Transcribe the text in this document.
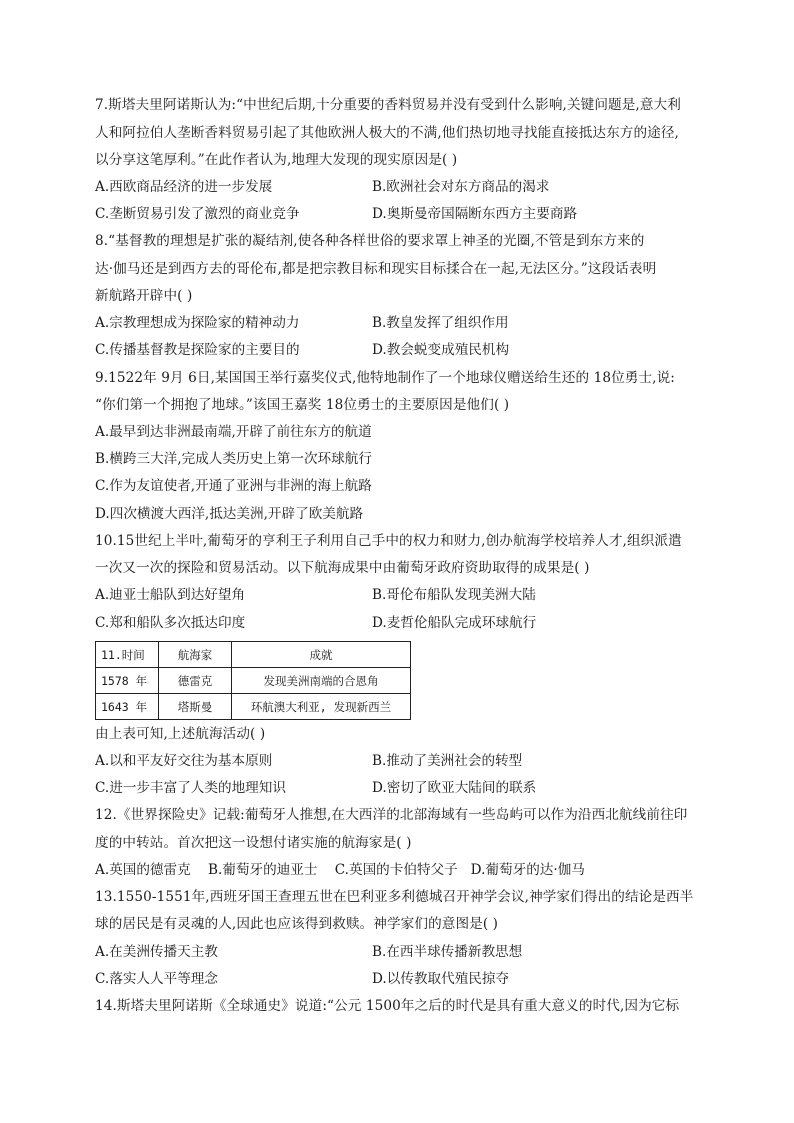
7.斯塔夫里阿诺斯认为:“中世纪后期,十分重要的香料贸易并没有受到什么影响,关键问题是,意大利
人和阿拉伯人垄断香料贸易引起了其他欧洲人极大的不满,他们热切地寻找能直接抵达东方的途径,
以分享这笔厚利。”在此作者认为,地理大发现的现实原因是( )
A.西欧商品经济的进一步发展	B.欧洲社会对东方商品的渴求
C.垄断贸易引发了激烈的商业竞争	D.奥斯曼帝国隔断东西方主要商路
8.“基督教的理想是扩张的凝结剂,使各种各样世俗的要求罩上神圣的光圈,不管是到东方来的
达·伽马还是到西方去的哥伦布,都是把宗教目标和现实目标揉合在一起,无法区分。”这段话表明
新航路开辟中( )
A.宗教理想成为探险家的精神动力	B.教皇发挥了组织作用
C.传播基督教是探险家的主要目的	D.教会蜕变成殖民机构
9.1522年 9月 6日,某国国王举行嘉奖仪式,他特地制作了一个地球仪赠送给生还的 18位勇士,说:
“你们第一个拥抱了地球。”该国王嘉奖 18位勇士的主要原因是他们( )
A.最早到达非洲最南端,开辟了前往东方的航道
B.横跨三大洋,完成人类历史上第一次环球航行
C.作为友谊使者,开通了亚洲与非洲的海上航路
D.四次横渡大西洋,抵达美洲,开辟了欧美航路
10.15世纪上半叶,葡萄牙的亨利王子利用自己手中的权力和财力,创办航海学校培养人才,组织派遣
一次又一次的探险和贸易活动。以下航海成果中由葡萄牙政府资助取得的成果是( )
A.迪亚士船队到达好望角	B.哥伦布船队发现美洲大陆
C.郑和船队多次抵达印度	D.麦哲伦船队完成环球航行
11.时间	航海家	成就
1578 年	德雷克	发现美洲南端的合恩角
1643 年	塔斯曼	环航澳大利亚, 发现新西兰
由上表可知,上述航海活动( )
A.以和平友好交往为基本原则	B.推动了美洲社会的转型
C.进一步丰富了人类的地理知识	D.密切了欧亚大陆间的联系
12.《世界探险史》记载:葡萄牙人推想,在大西洋的北部海域有一些岛屿可以作为沿西北航线前往印
度的中转站。首次把这一设想付诸实施的航海家是( )
A.英国的德雷克    B.葡萄牙的迪亚士    C.英国的卡伯特父子   D.葡萄牙的达·伽马
13.1550-1551年,西班牙国王查理五世在巴利亚多利德城召开神学会议,神学家们得出的结论是西半
球的居民是有灵魂的人,因此也应该得到救赎。神学家们的意图是( )
A.在美洲传播天主教	B.在西半球传播新教思想
C.落实人人平等理念	D.以传教取代殖民掠夺
14.斯塔夫里阿诺斯《全球通史》说道:“公元 1500年之后的时代是具有重大意义的时代,因为它标
